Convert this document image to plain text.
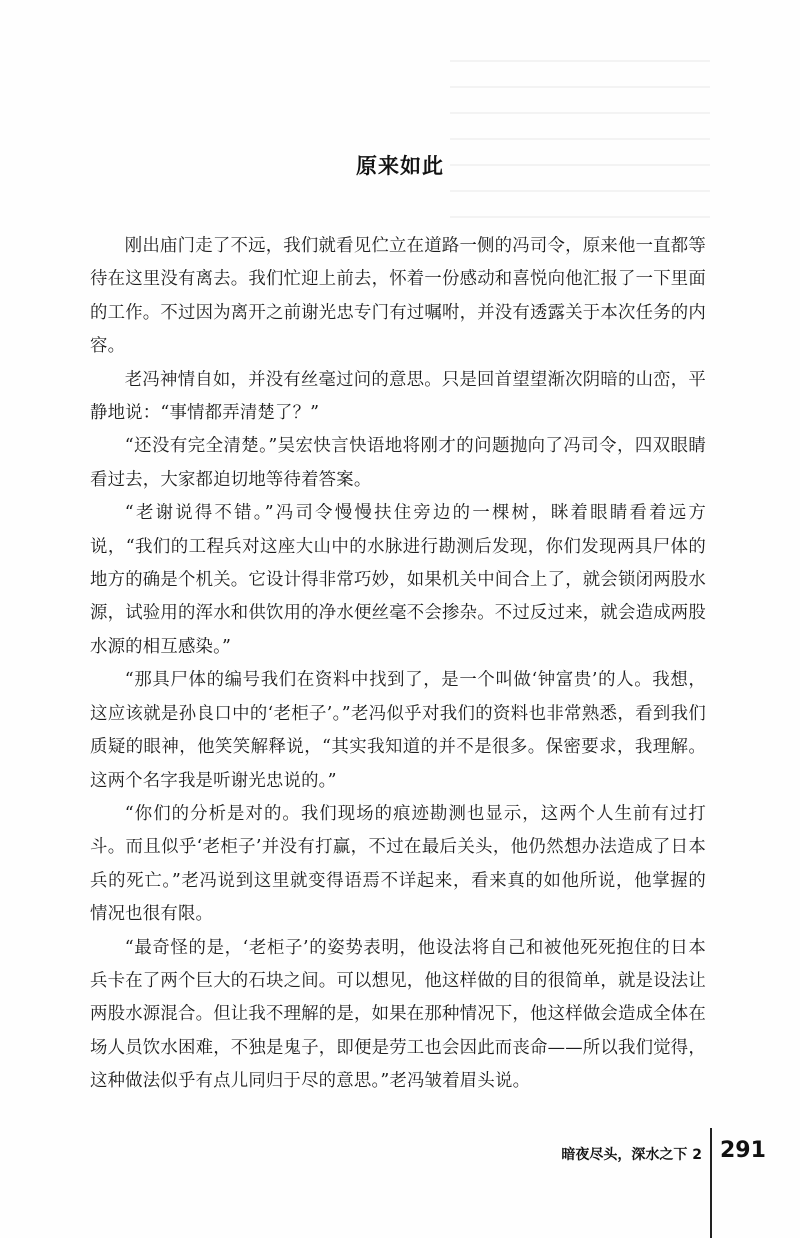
原来如此

刚出庙门走了不远，我们就看见伫立在道路一侧的冯司令，原来他一直都等待在这里没有离去。我们忙迎上前去，怀着一份感动和喜悦向他汇报了一下里面的工作。不过因为离开之前谢光忠专门有过嘱咐，并没有透露关于本次任务的内容。

老冯神情自如，并没有丝毫过问的意思。只是回首望望渐次阴暗的山峦，平静地说：“事情都弄清楚了？”

“还没有完全清楚。”吴宏快言快语地将刚才的问题抛向了冯司令，四双眼睛看过去，大家都迫切地等待着答案。

“老谢说得不错。”冯司令慢慢扶住旁边的一棵树，眯着眼睛看着远方说，“我们的工程兵对这座大山中的水脉进行勘测后发现，你们发现两具尸体的地方的确是个机关。它设计得非常巧妙，如果机关中间合上了，就会锁闭两股水源，试验用的浑水和供饮用的净水便丝毫不会掺杂。不过反过来，就会造成两股水源的相互感染。”

“那具尸体的编号我们在资料中找到了，是一个叫做‘钟富贵’的人。我想，这应该就是孙良口中的‘老柜子’。”老冯似乎对我们的资料也非常熟悉，看到我们质疑的眼神，他笑笑解释说，“其实我知道的并不是很多。保密要求，我理解。这两个名字我是听谢光忠说的。”

“你们的分析是对的。我们现场的痕迹勘测也显示，这两个人生前有过打斗。而且似乎‘老柜子’并没有打赢，不过在最后关头，他仍然想办法造成了日本兵的死亡。”老冯说到这里就变得语焉不详起来，看来真的如他所说，他掌握的情况也很有限。

“最奇怪的是，‘老柜子’的姿势表明，他设法将自己和被他死死抱住的日本兵卡在了两个巨大的石块之间。可以想见，他这样做的目的很简单，就是设法让两股水源混合。但让我不理解的是，如果在那种情况下，他这样做会造成全体在场人员饮水困难，不独是鬼子，即便是劳工也会因此而丧命——所以我们觉得，这种做法似乎有点儿同归于尽的意思。”老冯皱着眉头说。

暗夜尽头，深水之下 2 291
